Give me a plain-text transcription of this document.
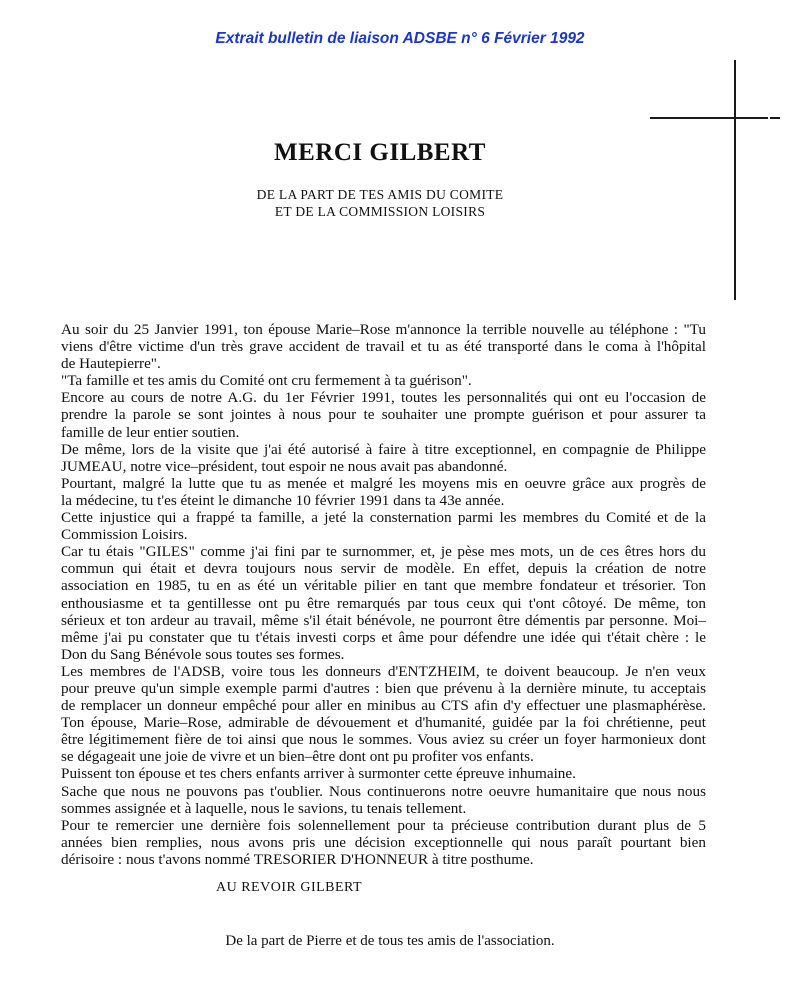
Extrait bulletin de liaison ADSBE n° 6 Février 1992
MERCI GILBERT
DE LA PART DE TES AMIS DU COMITE
ET DE LA COMMISSION LOISIRS
Au soir du 25 Janvier 1991, ton épouse Marie–Rose m'annonce la terrible nouvelle au téléphone : "Tu
viens d'être victime d'un très grave accident de travail et tu as été transporté dans le coma à l'hôpital
de Hautepierre".
"Ta famille et tes amis du Comité ont cru fermement à ta guérison".
Encore au cours de notre A.G. du 1er Février 1991, toutes les personnalités qui ont eu l'occasion de
prendre la parole se sont jointes à nous pour te souhaiter une prompte guérison et pour assurer ta
famille de leur entier soutien.
De même, lors de la visite que j'ai été autorisé à faire à titre exceptionnel, en compagnie de Philippe
JUMEAU, notre vice–président, tout espoir ne nous avait pas abandonné.
Pourtant, malgré la lutte que tu as menée et malgré les moyens mis en oeuvre grâce aux progrès de
la médecine, tu t'es éteint le dimanche 10 février 1991 dans ta 43e année.
Cette injustice qui a frappé ta famille, a jeté la consternation parmi les membres du Comité et de la
Commission Loisirs.
Car tu étais "GILES" comme j'ai fini par te surnommer, et, je pèse mes mots, un de ces êtres hors du
commun qui était et devra toujours nous servir de modèle. En effet, depuis la création de notre
association en 1985, tu en as été un véritable pilier en tant que membre fondateur et trésorier. Ton
enthousiasme et ta gentillesse ont pu être remarqués par tous ceux qui t'ont côtoyé. De même, ton
sérieux et ton ardeur au travail, même s'il était bénévole, ne pourront être démentis par personne. Moi–
même j'ai pu constater que tu t'étais investi corps et âme pour défendre une idée qui t'était chère : le
Don du Sang Bénévole sous toutes ses formes.
Les membres de l'ADSB, voire tous les donneurs d'ENTZHEIM, te doivent beaucoup. Je n'en veux
pour preuve qu'un simple exemple parmi d'autres : bien que prévenu à la dernière minute, tu acceptais
de remplacer un donneur empêché pour aller en minibus au CTS afin d'y effectuer une plasmaphérèse.
Ton épouse, Marie–Rose, admirable de dévouement et d'humanité, guidée par la foi chrétienne, peut
être légitimement fière de toi ainsi que nous le sommes. Vous aviez su créer un foyer harmonieux dont
se dégageait une joie de vivre et un bien–être dont ont pu profiter vos enfants.
Puissent ton épouse et tes chers enfants arriver à surmonter cette épreuve inhumaine.
Sache que nous ne pouvons pas t'oublier. Nous continuerons notre oeuvre humanitaire que nous nous
sommes assignée et à laquelle, nous le savions, tu tenais tellement.
Pour te remercier une dernière fois solennellement pour ta précieuse contribution durant plus de 5
années bien remplies, nous avons pris une décision exceptionnelle qui nous paraît pourtant bien
dérisoire : nous t'avons nommé TRESORIER D'HONNEUR à titre posthume.
AU REVOIR GILBERT
De la part de Pierre et de tous tes amis de l'association.
